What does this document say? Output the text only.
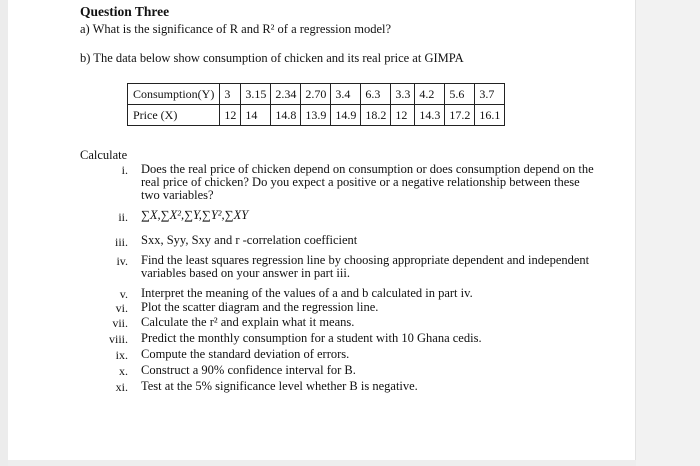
Question Three
a) What is the significance of R and R² of a regression model?
b) The data below show consumption of chicken and its real price at GIMPA
Consumption(Y)	3	3.15	2.34	2.70	3.4	6.3	3.3	4.2	5.6	3.7
Price (X)	12	14	14.8	13.9	14.9	18.2	12	14.3	17.2	16.1
Calculate
i. Does the real price of chicken depend on consumption or does consumption depend on the real price of chicken? Do you expect a positive or a negative relationship between these two variables?
ii. ∑X,∑X²,∑Y,∑Y²,∑XY
iii. Sxx, Syy, Sxy and r -correlation coefficient
iv. Find the least squares regression line by choosing appropriate dependent and independent variables based on your answer in part iii.
v. Interpret the meaning of the values of a and b calculated in part iv.
vi. Plot the scatter diagram and the regression line.
vii. Calculate the r² and explain what it means.
viii. Predict the monthly consumption for a student with 10 Ghana cedis.
ix. Compute the standard deviation of errors.
x. Construct a 90% confidence interval for B.
xi. Test at the 5% significance level whether B is negative.
